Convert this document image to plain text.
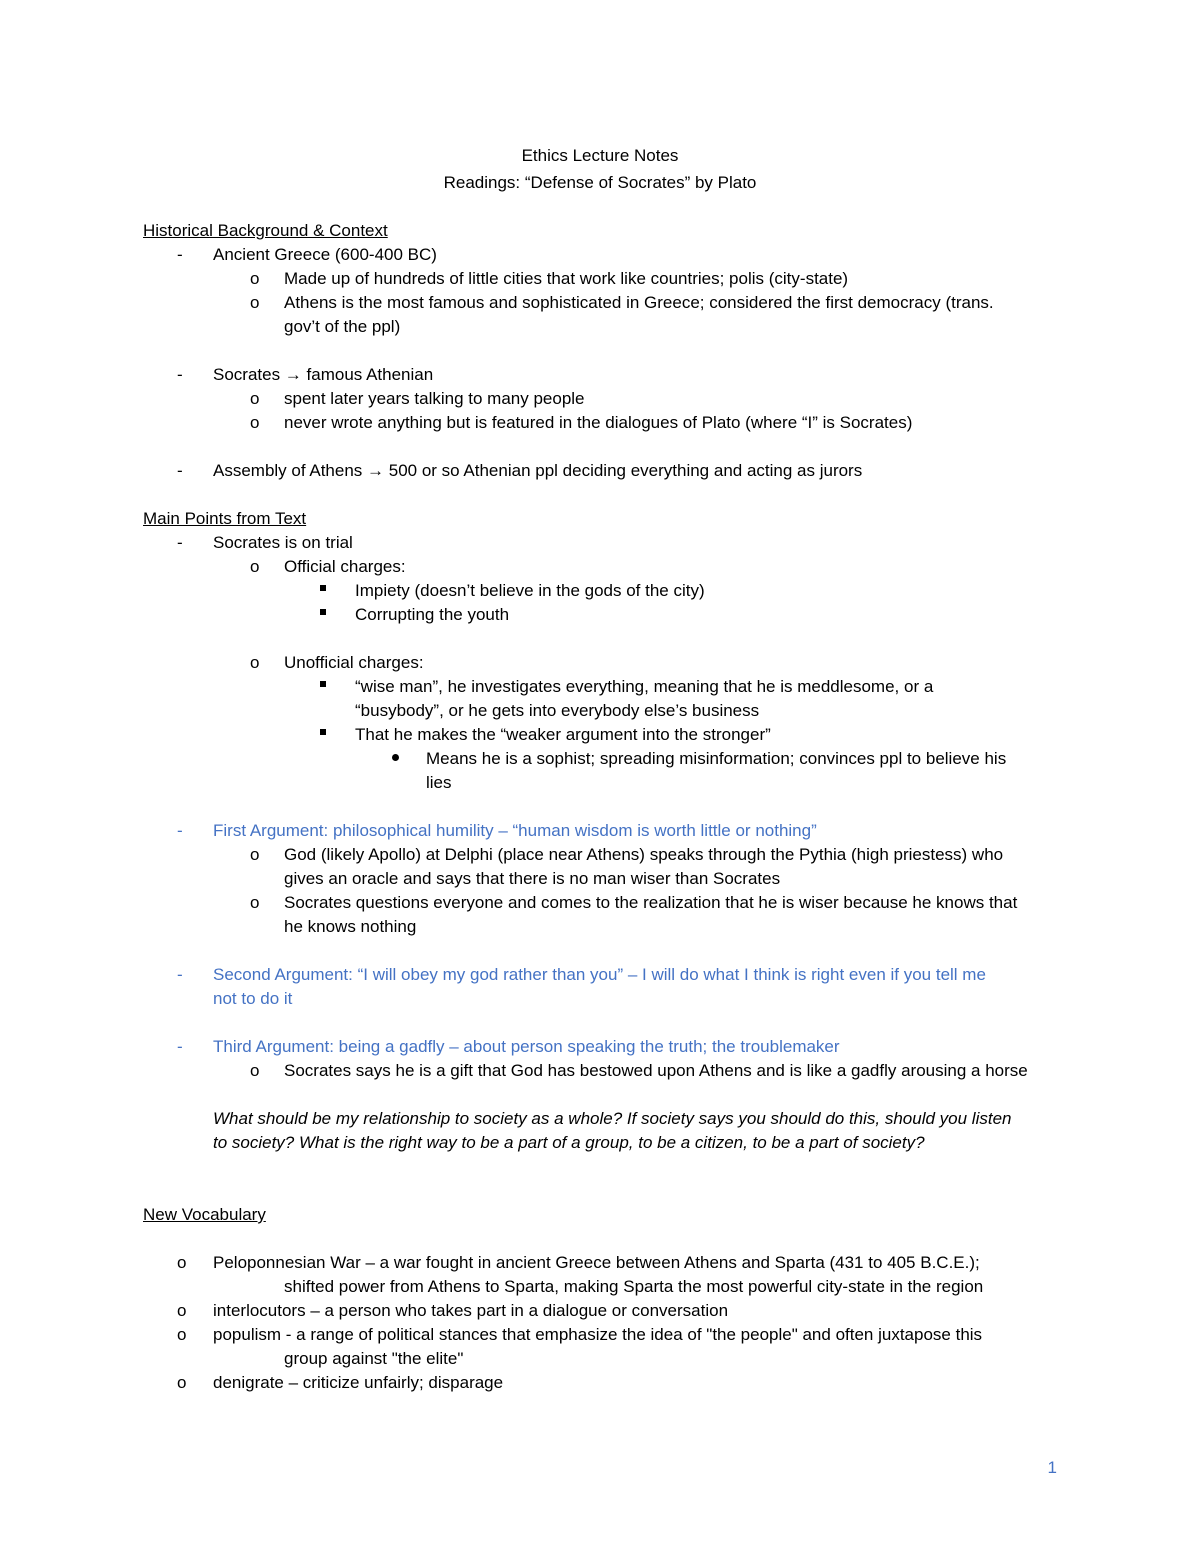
Ethics Lecture Notes
Readings: “Defense of Socrates” by Plato
Historical Background & Context
- Ancient Greece (600-400 BC)
o Made up of hundreds of little cities that work like countries; polis (city-state)
o Athens is the most famous and sophisticated in Greece; considered the first democracy (trans.
gov’t of the ppl)
- Socrates → famous Athenian
o spent later years talking to many people
o never wrote anything but is featured in the dialogues of Plato (where “I” is Socrates)
- Assembly of Athens → 500 or so Athenian ppl deciding everything and acting as jurors
Main Points from Text
- Socrates is on trial
o Official charges:
Impiety (doesn’t believe in the gods of the city)
Corrupting the youth
o Unofficial charges:
“wise man”, he investigates everything, meaning that he is meddlesome, or a
“busybody”, or he gets into everybody else’s business
That he makes the “weaker argument into the stronger”
Means he is a sophist; spreading misinformation; convinces ppl to believe his
lies
- First Argument: philosophical humility – “human wisdom is worth little or nothing”
o God (likely Apollo) at Delphi (place near Athens) speaks through the Pythia (high priestess) who
gives an oracle and says that there is no man wiser than Socrates
o Socrates questions everyone and comes to the realization that he is wiser because he knows that
he knows nothing
- Second Argument: “I will obey my god rather than you” – I will do what I think is right even if you tell me
not to do it
- Third Argument: being a gadfly – about person speaking the truth; the troublemaker
o Socrates says he is a gift that God has bestowed upon Athens and is like a gadfly arousing a horse
What should be my relationship to society as a whole? If society says you should do this, should you listen
to society? What is the right way to be a part of a group, to be a citizen, to be a part of society?
New Vocabulary
o Peloponnesian War – a war fought in ancient Greece between Athens and Sparta (431 to 405 B.C.E.);
shifted power from Athens to Sparta, making Sparta the most powerful city-state in the region
o interlocutors – a person who takes part in a dialogue or conversation
o populism - a range of political stances that emphasize the idea of "the people" and often juxtapose this
group against "the elite"
o denigrate – criticize unfairly; disparage
1
